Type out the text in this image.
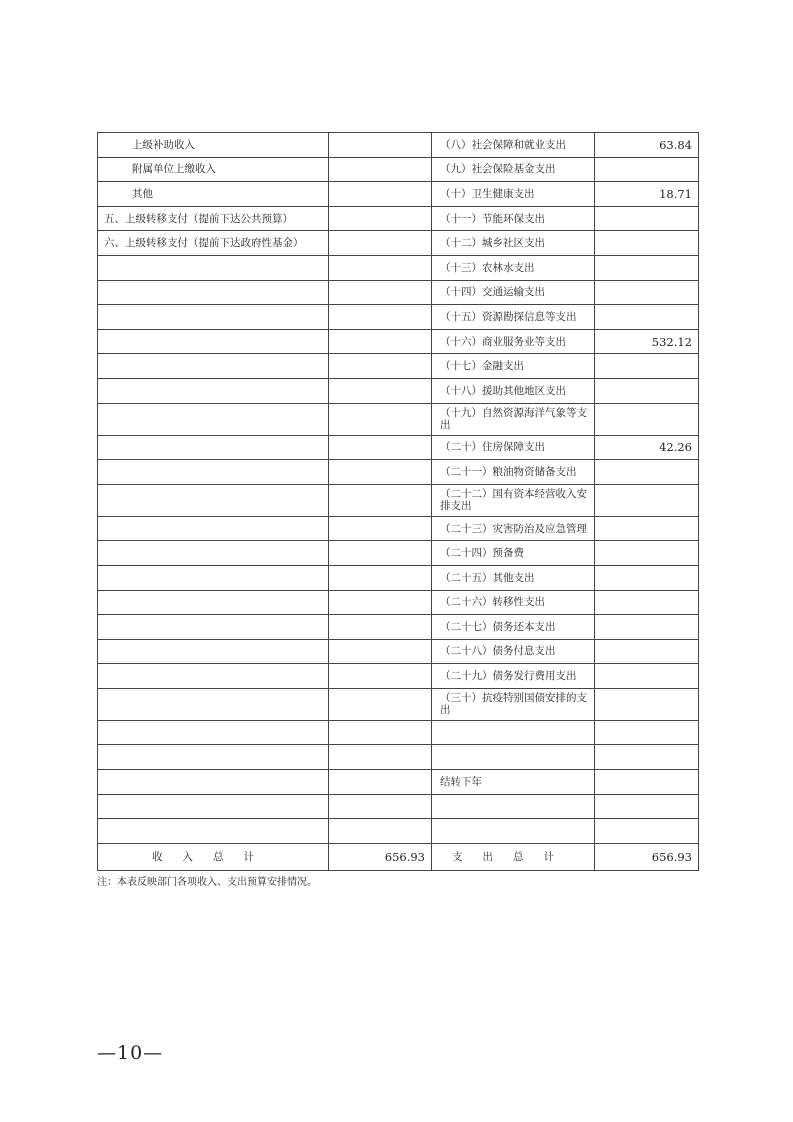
上级补助收入		（八）社会保障和就业支出	63.84
附属单位上缴收入		（九）社会保险基金支出	
其他		（十）卫生健康支出	18.71
五、上级转移支付（提前下达公共预算）		（十一）节能环保支出	
六、上级转移支付（提前下达政府性基金）		（十二）城乡社区支出	
		（十三）农林水支出	
		（十四）交通运输支出	
		（十五）资源勘探信息等支出	
		（十六）商业服务业等支出	532.12
		（十七）金融支出	
		（十八）援助其他地区支出	
		（十九）自然资源海洋气象等支出	
		（二十）住房保障支出	42.26
		（二十一）粮油物资储备支出	
		（二十二）国有资本经营收入安排支出	
		（二十三）灾害防治及应急管理	
		（二十四）预备费	
		（二十五）其他支出	
		（二十六）转移性支出	
		（二十七）债务还本支出	
		（二十八）债务付息支出	
		（二十九）债务发行费用支出	
		（三十）抗疫特别国债安排的支出	

		结转下年	

收入总计	656.93	支出总计	656.93
注：本表反映部门各项收入、支出预算安排情况。
—10—
